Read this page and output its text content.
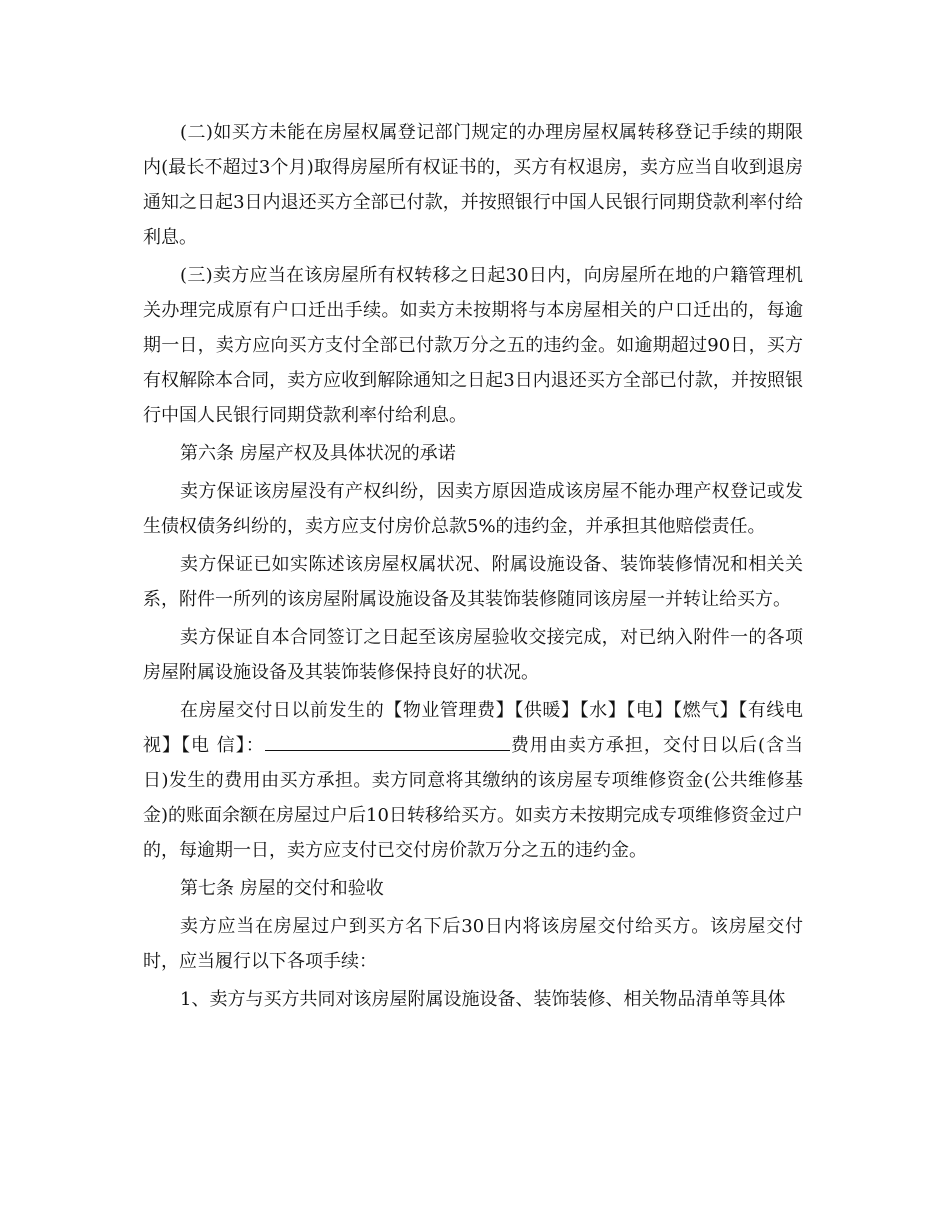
(二)如买方未能在房屋权属登记部门规定的办理房屋权属转移登记手续的期限内(最长不超过3个月)取得房屋所有权证书的，买方有权退房，卖方应当自收到退房通知之日起3日内退还买方全部已付款，并按照银行中国人民银行同期贷款利率付给利息。

(三)卖方应当在该房屋所有权转移之日起30日内，向房屋所在地的户籍管理机关办理完成原有户口迁出手续。如卖方未按期将与本房屋相关的户口迁出的，每逾期一日，卖方应向买方支付全部已付款万分之五的违约金。如逾期超过90日，买方有权解除本合同，卖方应收到解除通知之日起3日内退还买方全部已付款，并按照银行中国人民银行同期贷款利率付给利息。

第六条 房屋产权及具体状况的承诺

卖方保证该房屋没有产权纠纷，因卖方原因造成该房屋不能办理产权登记或发生债权债务纠纷的，卖方应支付房价总款5%的违约金，并承担其他赔偿责任。

卖方保证已如实陈述该房屋权属状况、附属设施设备、装饰装修情况和相关关系，附件一所列的该房屋附属设施设备及其装饰装修随同该房屋一并转让给买方。

卖方保证自本合同签订之日起至该房屋验收交接完成，对已纳入附件一的各项房屋附属设施设备及其装饰装修保持良好的状况。

在房屋交付日以前发生的【物业管理费】【供暖】【水】【电】【燃气】【有线电视】【电 信】：	费用由卖方承担，交付日以后(含当日)发生的费用由买方承担。卖方同意将其缴纳的该房屋专项维修资金(公共维修基金)的账面余额在房屋过户后10日转移给买方。如卖方未按期完成专项维修资金过户的，每逾期一日，卖方应支付已交付房价款万分之五的违约金。

第七条 房屋的交付和验收

卖方应当在房屋过户到买方名下后30日内将该房屋交付给买方。该房屋交付时，应当履行以下各项手续：

1、卖方与买方共同对该房屋附属设施设备、装饰装修、相关物品清单等具体
